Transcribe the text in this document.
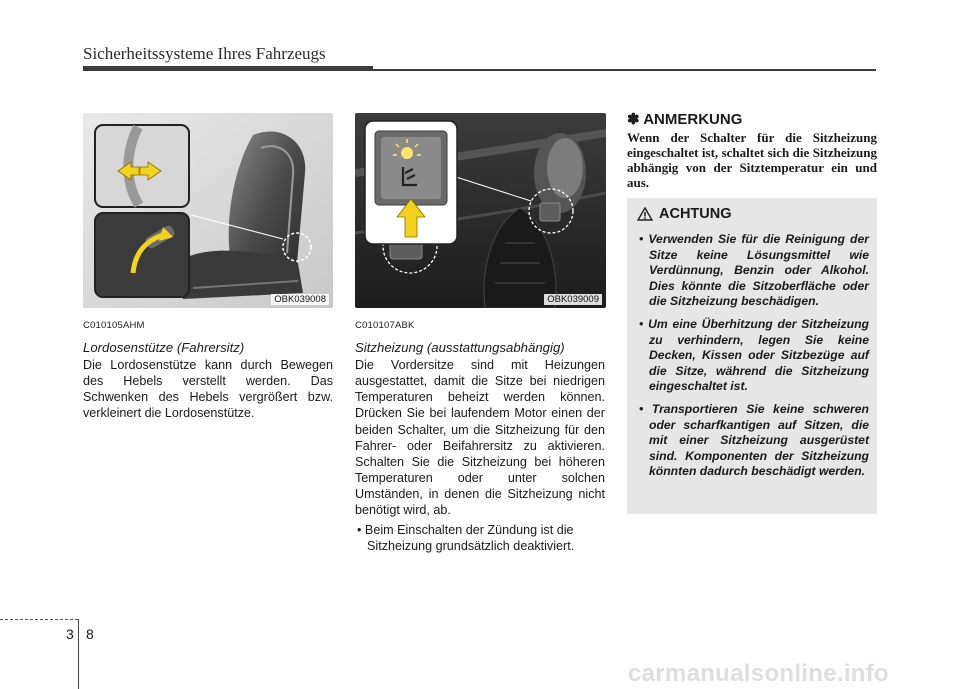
Sicherheitssysteme Ihres Fahrzeugs
OBK039008	OBK039009
C010105AHM
Lordosenstütze (Fahrersitz)
Die Lordosenstütze kann durch Bewegen des Hebels verstellt werden. Das Schwenken des Hebels vergrößert bzw. verkleinert die Lordosenstütze.
C010107ABK
Sitzheizung (ausstattungsabhängig)
Die Vordersitze sind mit Heizungen ausgestattet, damit die Sitze bei niedrigen Temperaturen beheizt werden können. Drücken Sie bei laufendem Motor einen der beiden Schalter, um die Sitzheizung für den Fahrer- oder Beifahrersitz zu aktivieren. Schalten Sie die Sitzheizung bei höheren Temperaturen oder unter solchen Umständen, in denen die Sitzheizung nicht benötigt wird, ab.
• Beim Einschalten der Zündung ist die Sitzheizung grundsätzlich deaktiviert.
✽ ANMERKUNG
Wenn der Schalter für die Sitzheizung eingeschaltet ist, schaltet sich die Sitzheizung abhängig von der Sitztemperatur ein und aus.
ACHTUNG
• Verwenden Sie für die Reinigung der Sitze keine Lösungsmittel wie Verdünnung, Benzin oder Alkohol. Dies könnte die Sitzoberfläche oder die Sitzheizung beschädigen.
• Um eine Überhitzung der Sitzheizung zu verhindern, legen Sie keine Decken, Kissen oder Sitzbezüge auf die Sitze, während die Sitzheizung eingeschaltet ist.
• Transportieren Sie keine schweren oder scharfkantigen auf Sitzen, die mit einer Sitzheizung ausgerüstet sind. Komponenten der Sitzheizung könnten dadurch beschädigt werden.
3 8
carmanualsonline.info
